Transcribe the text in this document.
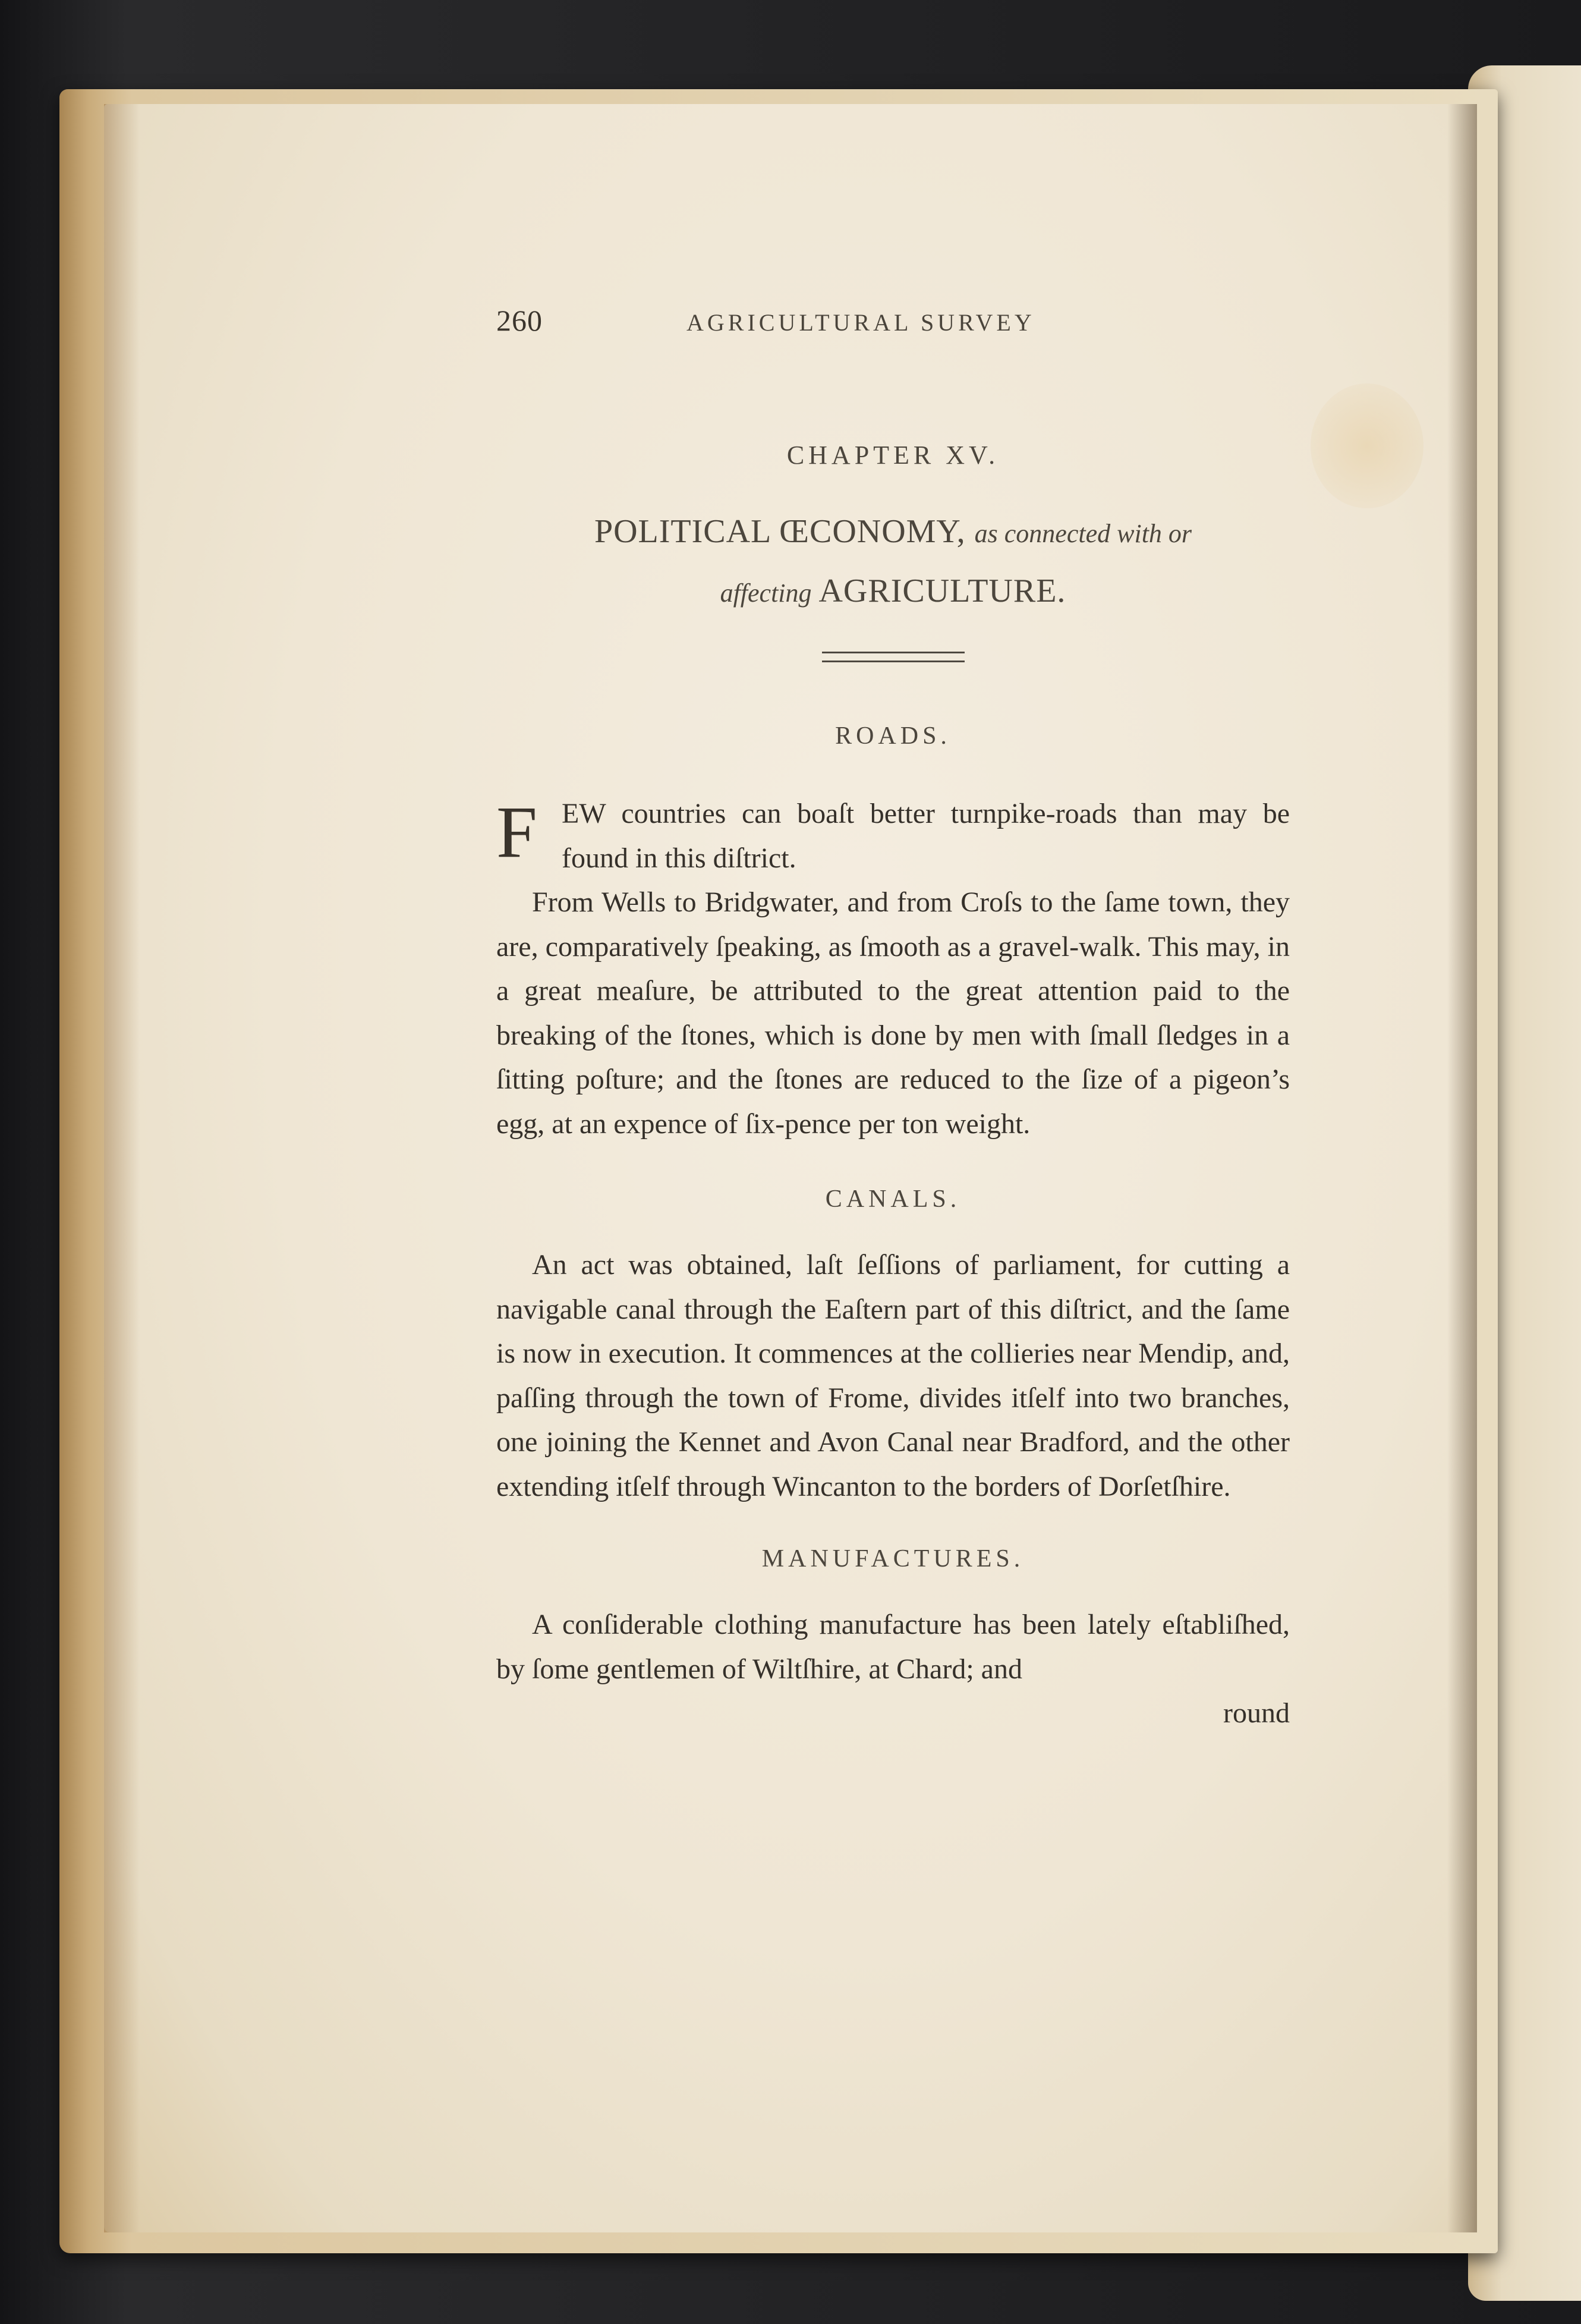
260	AGRICULTURAL SURVEY
CHAPTER XV.
POLITICAL ŒCONOMY, as connected with or
affecting AGRICULTURE.
ROADS.
F EW countries can boaſt better turnpike-roads than may be found in this diſtrict.

From Wells to Bridgwater, and from Croſs to the ſame town, they are, comparatively ſpeaking, as ſmooth as a gravel-walk. This may, in a great meaſure, be attributed to the great attention paid to the breaking of the ſtones, which is done by men with ſmall ſledges in a ſitting poſture; and the ſtones are reduced to the ſize of a pigeon’s egg, at an expence of ſix-pence per ton weight.

CANALS.

An act was obtained, laſt ſeſſions of parliament, for cutting a navigable canal through the Eaſtern part of this diſtrict, and the ſame is now in execution. It commences at the collieries near Mendip, and, paſſing through the town of Frome, divides itſelf into two branches, one joining the Kennet and Avon Canal near Bradford, and the other extending itſelf through Wincanton to the borders of Dorſetſhire.

MANUFACTURES.

A conſiderable clothing manufacture has been lately eſtabliſhed, by ſome gentlemen of Wiltſhire, at Chard; and

round
